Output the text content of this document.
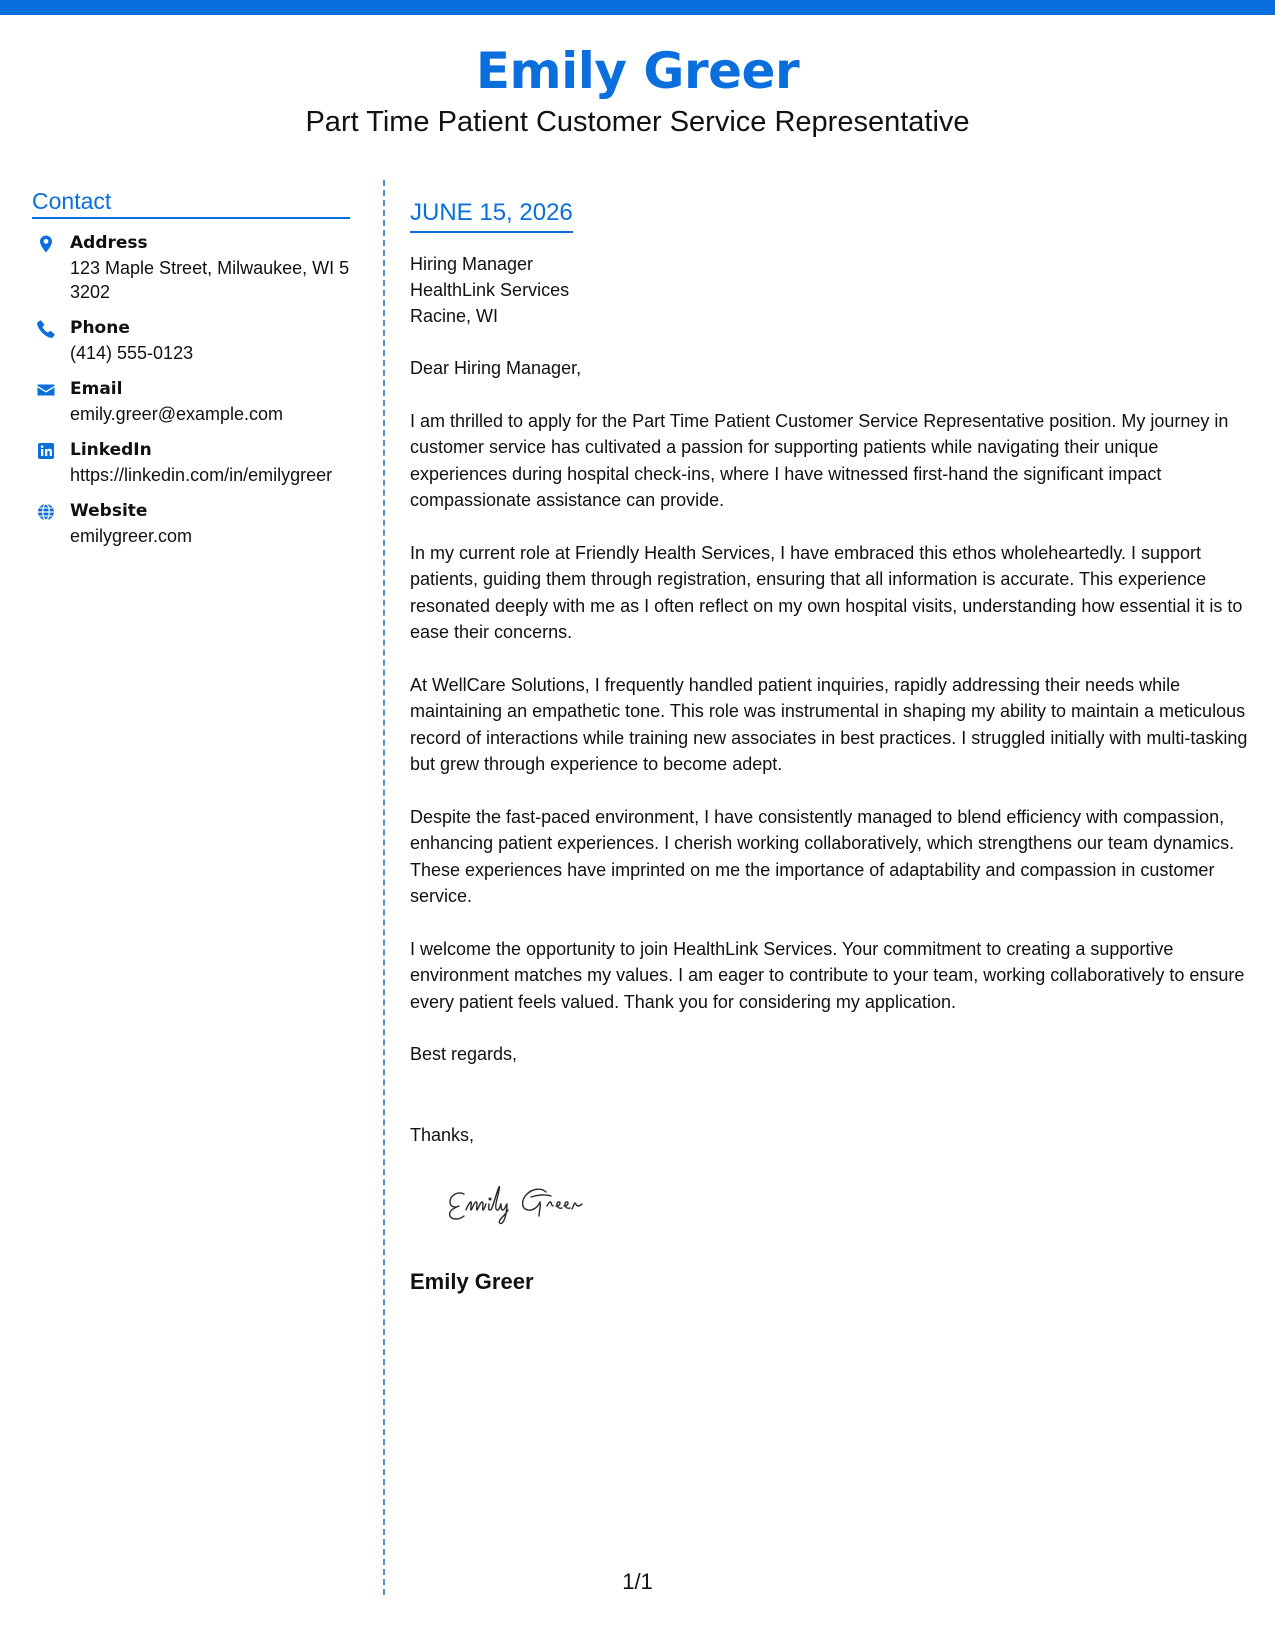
Emily Greer
Part Time Patient Customer Service Representative
Contact
Address
123 Maple Street, Milwaukee, WI 53202
Phone
(414) 555-0123
Email
emily.greer@example.com
LinkedIn
https://linkedin.com/in/emilygreer
Website
emilygreer.com
JUNE 15, 2026
Hiring Manager
HealthLink Services
Racine, WI
Dear Hiring Manager,
I am thrilled to apply for the Part Time Patient Customer Service Representative position. My journey in customer service has cultivated a passion for supporting patients while navigating their unique experiences during hospital check-ins, where I have witnessed first-hand the significant impact compassionate assistance can provide.
In my current role at Friendly Health Services, I have embraced this ethos wholeheartedly. I support patients, guiding them through registration, ensuring that all information is accurate. This experience resonated deeply with me as I often reflect on my own hospital visits, understanding how essential it is to ease their concerns.
At WellCare Solutions, I frequently handled patient inquiries, rapidly addressing their needs while maintaining an empathetic tone. This role was instrumental in shaping my ability to maintain a meticulous record of interactions while training new associates in best practices. I struggled initially with multi-tasking but grew through experience to become adept.
Despite the fast-paced environment, I have consistently managed to blend efficiency with compassion, enhancing patient experiences. I cherish working collaboratively, which strengthens our team dynamics. These experiences have imprinted on me the importance of adaptability and compassion in customer service.
I welcome the opportunity to join HealthLink Services. Your commitment to creating a supportive environment matches my values. I am eager to contribute to your team, working collaboratively to ensure every patient feels valued. Thank you for considering my application.
Best regards,
Thanks,
Emily Greer
1/1
